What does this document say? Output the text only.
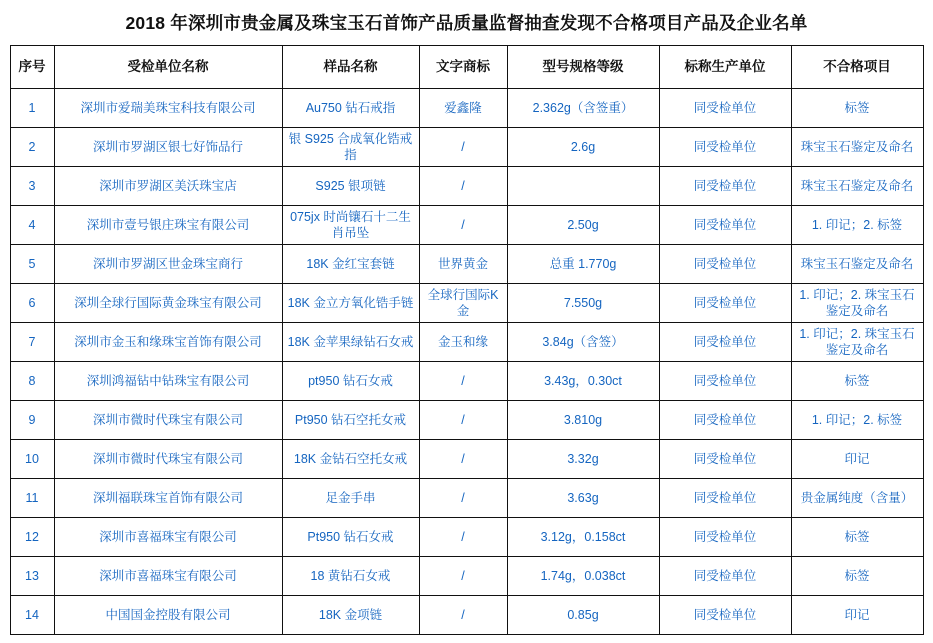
2018 年深圳市贵金属及珠宝玉石首饰产品质量监督抽查发现不合格项目产品及企业名单
序号	受检单位名称	样品名称	文字商标	型号规格等级	标称生产单位	不合格项目
1	深圳市爱瑞美珠宝科技有限公司	Au750 钻石戒指	爱鑫隆	2.362g（含签重）	同受检单位	标签
2	深圳市罗湖区银七好饰品行	银 S925 合成氧化锆戒指	/	2.6g	同受检单位	珠宝玉石鉴定及命名
3	深圳市罗湖区美沃珠宝店	S925 银项链	/		同受检单位	珠宝玉石鉴定及命名
4	深圳市壹号银庄珠宝有限公司	075jx 时尚镶石十二生肖吊坠	/	2.50g	同受检单位	1. 印记；2. 标签
5	深圳市罗湖区世金珠宝商行	18K 金红宝套链	世界黄金	总重 1.770g	同受检单位	珠宝玉石鉴定及命名
6	深圳全球行国际黄金珠宝有限公司	18K 金立方氧化锆手链	全球行国际K金	7.550g	同受检单位	1. 印记；2. 珠宝玉石鉴定及命名
7	深圳市金玉和缘珠宝首饰有限公司	18K 金苹果绿钻石女戒	金玉和缘	3.84g（含签）	同受检单位	1. 印记；2. 珠宝玉石鉴定及命名
8	深圳鸿福钻中钻珠宝有限公司	pt950 钻石女戒	/	3.43g，0.30ct	同受检单位	标签
9	深圳市微时代珠宝有限公司	Pt950 钻石空托女戒	/	3.810g	同受检单位	1. 印记；2. 标签
10	深圳市微时代珠宝有限公司	18K 金钻石空托女戒	/	3.32g	同受检单位	印记
11	深圳福联珠宝首饰有限公司	足金手串	/	3.63g	同受检单位	贵金属纯度（含量）
12	深圳市喜福珠宝有限公司	Pt950 钻石女戒	/	3.12g，0.158ct	同受检单位	标签
13	深圳市喜福珠宝有限公司	18 黄钻石女戒	/	1.74g，0.038ct	同受检单位	标签
14	中国国金控股有限公司	18K 金项链	/	0.85g	同受检单位	印记
